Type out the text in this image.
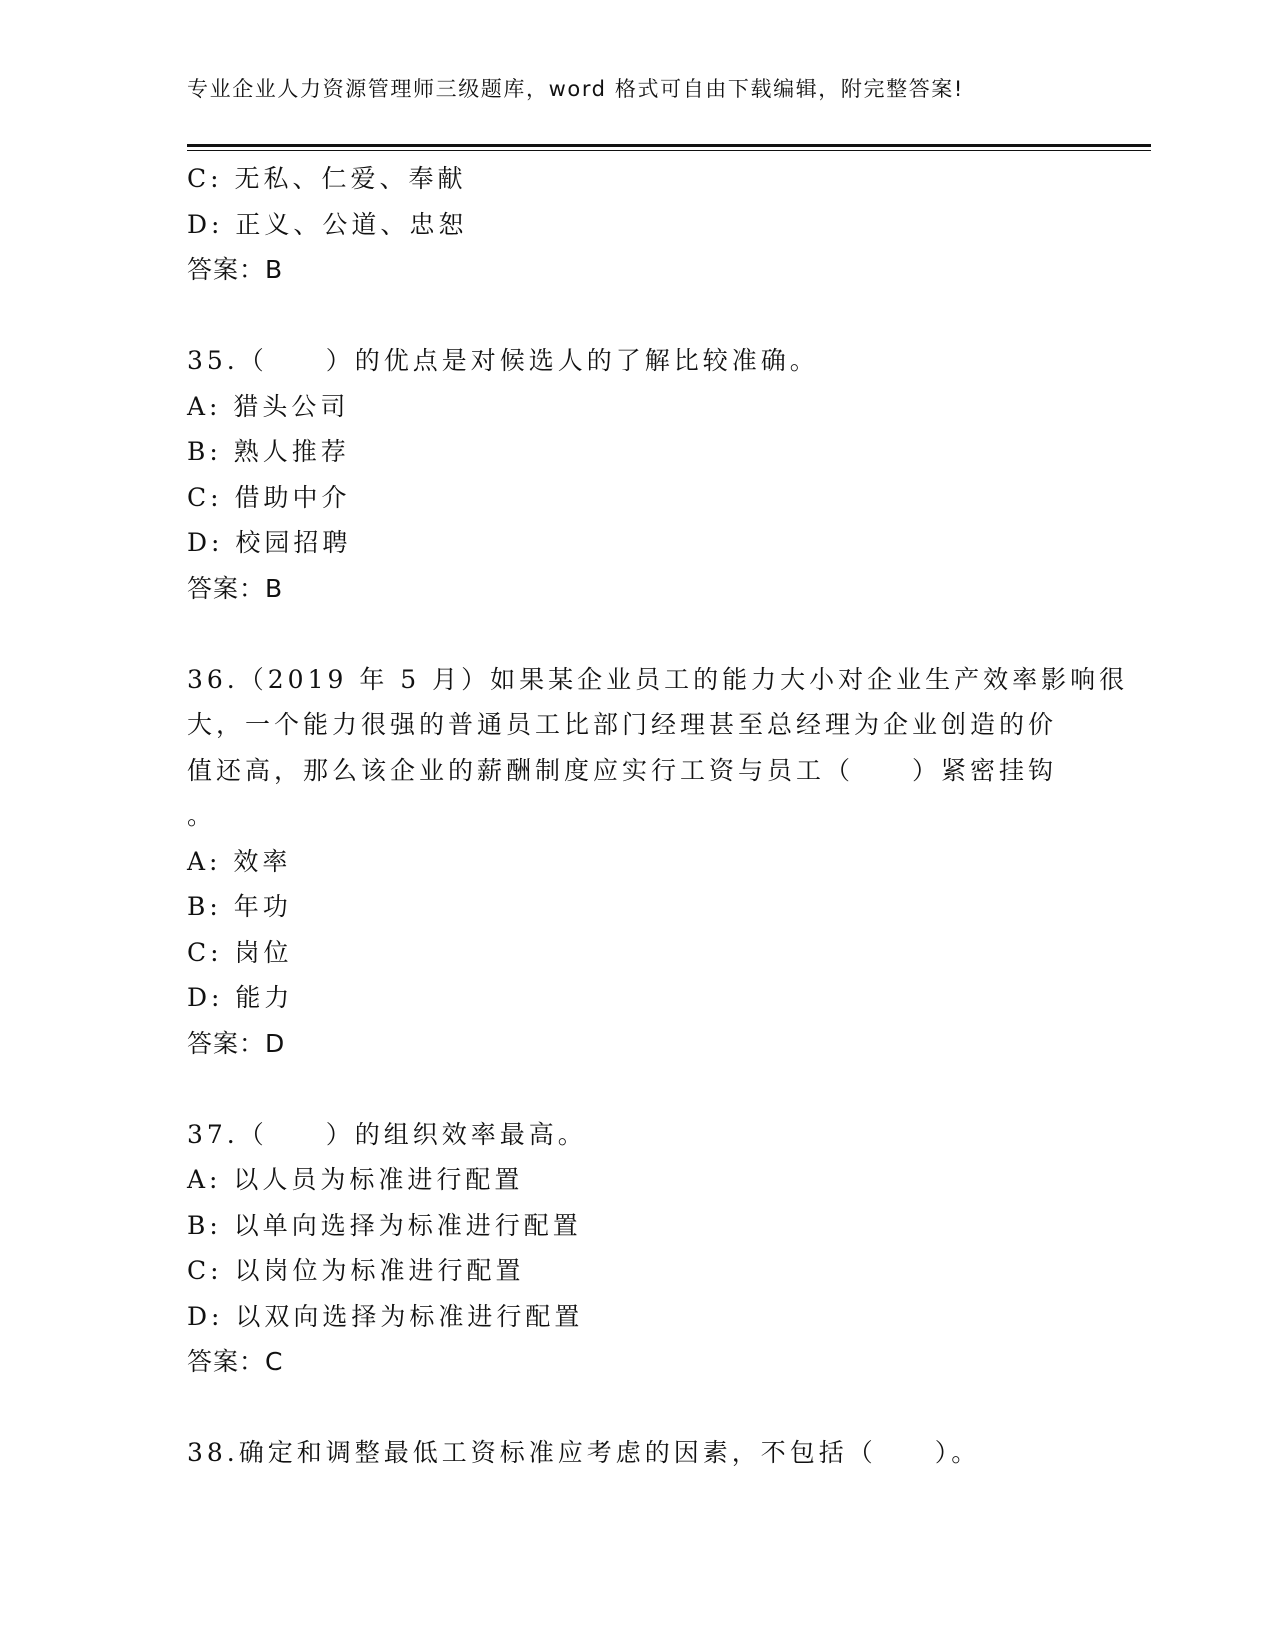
专业企业人力资源管理师三级题库，word 格式可自由下载编辑，附完整答案!
C: 无私、仁爱、奉献
D: 正义、公道、忠恕
答案：B
35.（　　）的优点是对候选人的了解比较准确。
A: 猎头公司
B: 熟人推荐
C: 借助中介
D: 校园招聘
答案：B
36.（2019 年 5 月）如果某企业员工的能力大小对企业生产效率影响很
大，一个能力很强的普通员工比部门经理甚至总经理为企业创造的价
值还高，那么该企业的薪酬制度应实行工资与员工（　　）紧密挂钩
。
A: 效率
B: 年功
C: 岗位
D: 能力
答案：D
37.（　　）的组织效率最高。
A: 以人员为标准进行配置
B: 以单向选择为标准进行配置
C: 以岗位为标准进行配置
D: 以双向选择为标准进行配置
答案：C
38.确定和调整最低工资标准应考虑的因素，不包括（　　）。
